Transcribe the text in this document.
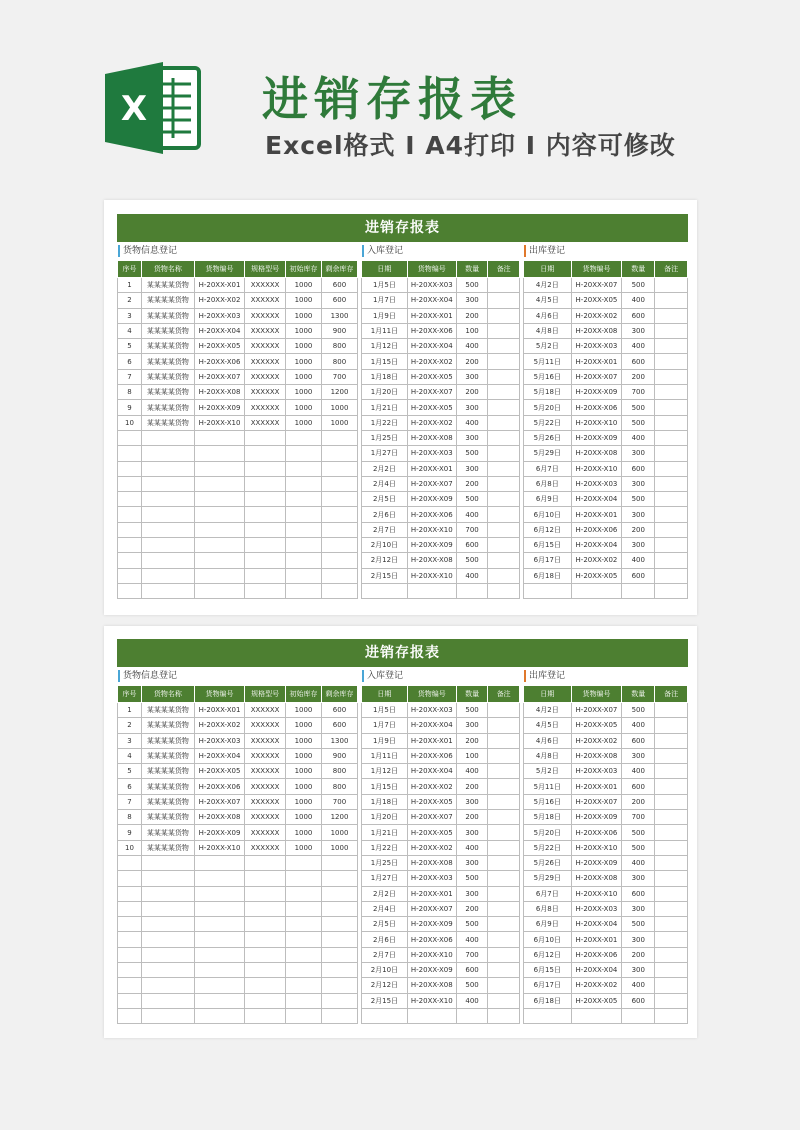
X 进销存报表
Excel格式 I A4打印 I 内容可修改
进销存报表
货物信息登记
序号	货物名称	货物编号	规格型号	初始库存	剩余库存
1	某某某某货物	H-20XX-X01	XXXXXX	1000	600
2	某某某某货物	H-20XX-X02	XXXXXX	1000	600
3	某某某某货物	H-20XX-X03	XXXXXX	1000	1300
4	某某某某货物	H-20XX-X04	XXXXXX	1000	900
5	某某某某货物	H-20XX-X05	XXXXXX	1000	800
6	某某某某货物	H-20XX-X06	XXXXXX	1000	800
7	某某某某货物	H-20XX-X07	XXXXXX	1000	700
8	某某某某货物	H-20XX-X08	XXXXXX	1000	1200
9	某某某某货物	H-20XX-X09	XXXXXX	1000	1000
10	某某某某货物	H-20XX-X10	XXXXXX	1000	1000

入库登记
日期	货物编号	数量	备注
1月5日	H-20XX-X03	500	
1月7日	H-20XX-X04	300	
1月9日	H-20XX-X01	200	
1月11日	H-20XX-X06	100	
1月12日	H-20XX-X04	400	
1月15日	H-20XX-X02	200	
1月18日	H-20XX-X05	300	
1月20日	H-20XX-X07	200	
1月21日	H-20XX-X05	300	
1月22日	H-20XX-X02	400	
1月25日	H-20XX-X08	300	
1月27日	H-20XX-X03	500	
2月2日	H-20XX-X01	300	
2月4日	H-20XX-X07	200	
2月5日	H-20XX-X09	500	
2月6日	H-20XX-X06	400	
2月7日	H-20XX-X10	700	
2月10日	H-20XX-X09	600	
2月12日	H-20XX-X08	500	
2月15日	H-20XX-X10	400	

出库登记
日期	货物编号	数量	备注
4月2日	H-20XX-X07	500	
4月5日	H-20XX-X05	400	
4月6日	H-20XX-X02	600	
4月8日	H-20XX-X08	300	
5月2日	H-20XX-X03	400	
5月11日	H-20XX-X01	600	
5月16日	H-20XX-X07	200	
5月18日	H-20XX-X09	700	
5月20日	H-20XX-X06	500	
5月22日	H-20XX-X10	500	
5月26日	H-20XX-X09	400	
5月29日	H-20XX-X08	300	
6月7日	H-20XX-X10	600	
6月8日	H-20XX-X03	300	
6月9日	H-20XX-X04	500	
6月10日	H-20XX-X01	300	
6月12日	H-20XX-X06	200	
6月15日	H-20XX-X04	300	
6月17日	H-20XX-X02	400	
6月18日	H-20XX-X05	600	

进销存报表
货物信息登记
序号	货物名称	货物编号	规格型号	初始库存	剩余库存
1	某某某某货物	H-20XX-X01	XXXXXX	1000	600
2	某某某某货物	H-20XX-X02	XXXXXX	1000	600
3	某某某某货物	H-20XX-X03	XXXXXX	1000	1300
4	某某某某货物	H-20XX-X04	XXXXXX	1000	900
5	某某某某货物	H-20XX-X05	XXXXXX	1000	800
6	某某某某货物	H-20XX-X06	XXXXXX	1000	800
7	某某某某货物	H-20XX-X07	XXXXXX	1000	700
8	某某某某货物	H-20XX-X08	XXXXXX	1000	1200
9	某某某某货物	H-20XX-X09	XXXXXX	1000	1000
10	某某某某货物	H-20XX-X10	XXXXXX	1000	1000

入库登记
日期	货物编号	数量	备注
1月5日	H-20XX-X03	500	
1月7日	H-20XX-X04	300	
1月9日	H-20XX-X01	200	
1月11日	H-20XX-X06	100	
1月12日	H-20XX-X04	400	
1月15日	H-20XX-X02	200	
1月18日	H-20XX-X05	300	
1月20日	H-20XX-X07	200	
1月21日	H-20XX-X05	300	
1月22日	H-20XX-X02	400	
1月25日	H-20XX-X08	300	
1月27日	H-20XX-X03	500	
2月2日	H-20XX-X01	300	
2月4日	H-20XX-X07	200	
2月5日	H-20XX-X09	500	
2月6日	H-20XX-X06	400	
2月7日	H-20XX-X10	700	
2月10日	H-20XX-X09	600	
2月12日	H-20XX-X08	500	
2月15日	H-20XX-X10	400	

出库登记
日期	货物编号	数量	备注
4月2日	H-20XX-X07	500	
4月5日	H-20XX-X05	400	
4月6日	H-20XX-X02	600	
4月8日	H-20XX-X08	300	
5月2日	H-20XX-X03	400	
5月11日	H-20XX-X01	600	
5月16日	H-20XX-X07	200	
5月18日	H-20XX-X09	700	
5月20日	H-20XX-X06	500	
5月22日	H-20XX-X10	500	
5月26日	H-20XX-X09	400	
5月29日	H-20XX-X08	300	
6月7日	H-20XX-X10	600	
6月8日	H-20XX-X03	300	
6月9日	H-20XX-X04	500	
6月10日	H-20XX-X01	300	
6月12日	H-20XX-X06	200	
6月15日	H-20XX-X04	300	
6月17日	H-20XX-X02	400	
6月18日	H-20XX-X05	600	
